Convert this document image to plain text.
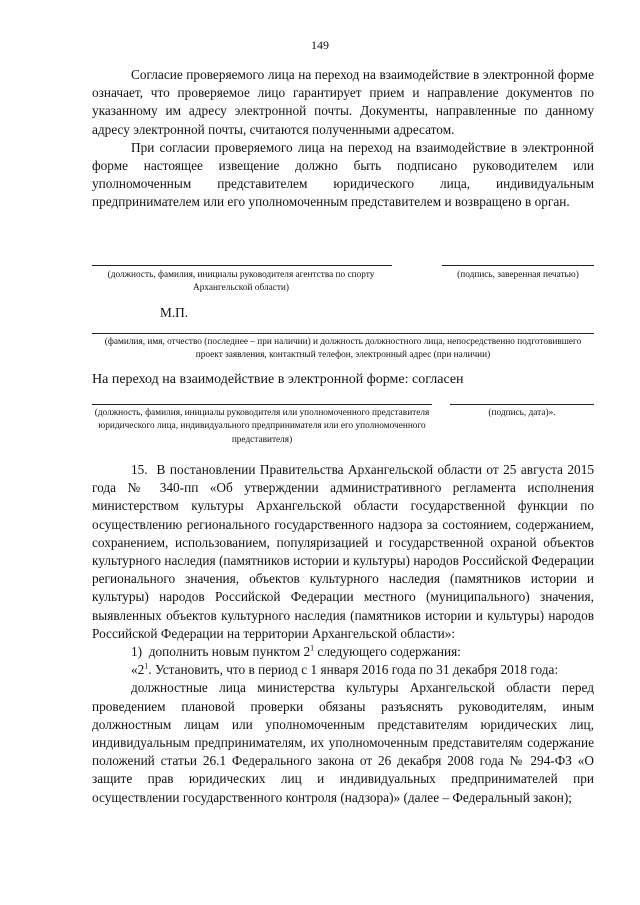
149

Согласие проверяемого лица на переход на взаимодействие в электронной форме означает, что проверяемое лицо гарантирует прием и направление документов по указанному им адресу электронной почты. Документы, направленные по данному адресу электронной почты, считаются полученными адресатом.

При согласии проверяемого лица на переход на взаимодействие в электронной форме настоящее извещение должно быть подписано руководителем или уполномоченным представителем юридического лица, индивидуальным предпринимателем или его уполномоченным представителем и возвращено в орган.

(должность, фамилия, инициалы руководителя агентства по спорту Архангельской области)
(подпись, заверенная печатью)
М.П.
(фамилия, имя, отчество (последнее – при наличии) и должность должностного лица, непосредственно подготовившего проект заявления, контактный телефон, электронный адрес (при наличии)
На переход на взаимодействие в электронной форме: согласен
(должность, фамилия, инициалы руководителя или уполномоченного представителя юридического лица, индивидуального предпринимателя или его уполномоченного представителя)
(подпись, дата)».

15.  В постановлении Правительства Архангельской области от 25 августа 2015 года № 340-пп «Об утверждении административного регламента исполнения министерством культуры Архангельской области государственной функции по осуществлению регионального государственного надзора за состоянием, содержанием, сохранением, использованием, популяризацией и государственной охраной объектов культурного наследия (памятников истории и культуры) народов Российской Федерации регионального значения, объектов культурного наследия (памятников истории и культуры) народов Российской Федерации местного (муниципального) значения, выявленных объектов культурного наследия (памятников истории и культуры) народов Российской Федерации на территории Архангельской области»:

1)  дополнить новым пунктом $2^1$ следующего содержания:

«$2^1$. Установить, что в период с 1 января 2016 года по 31 декабря 2018 года:

должностные лица министерства культуры Архангельской области перед проведением плановой проверки обязаны разъяснять руководителям, иным должностным лицам или уполномоченным представителям юридических лиц, индивидуальным предпринимателям, их уполномоченным представителям содержание положений статьи 26.1 Федерального закона от 26 декабря 2008 года № 294-ФЗ «О защите прав юридических лиц и индивидуальных предпринимателей при осуществлении государственного контроля (надзора)» (далее – Федеральный закон);
